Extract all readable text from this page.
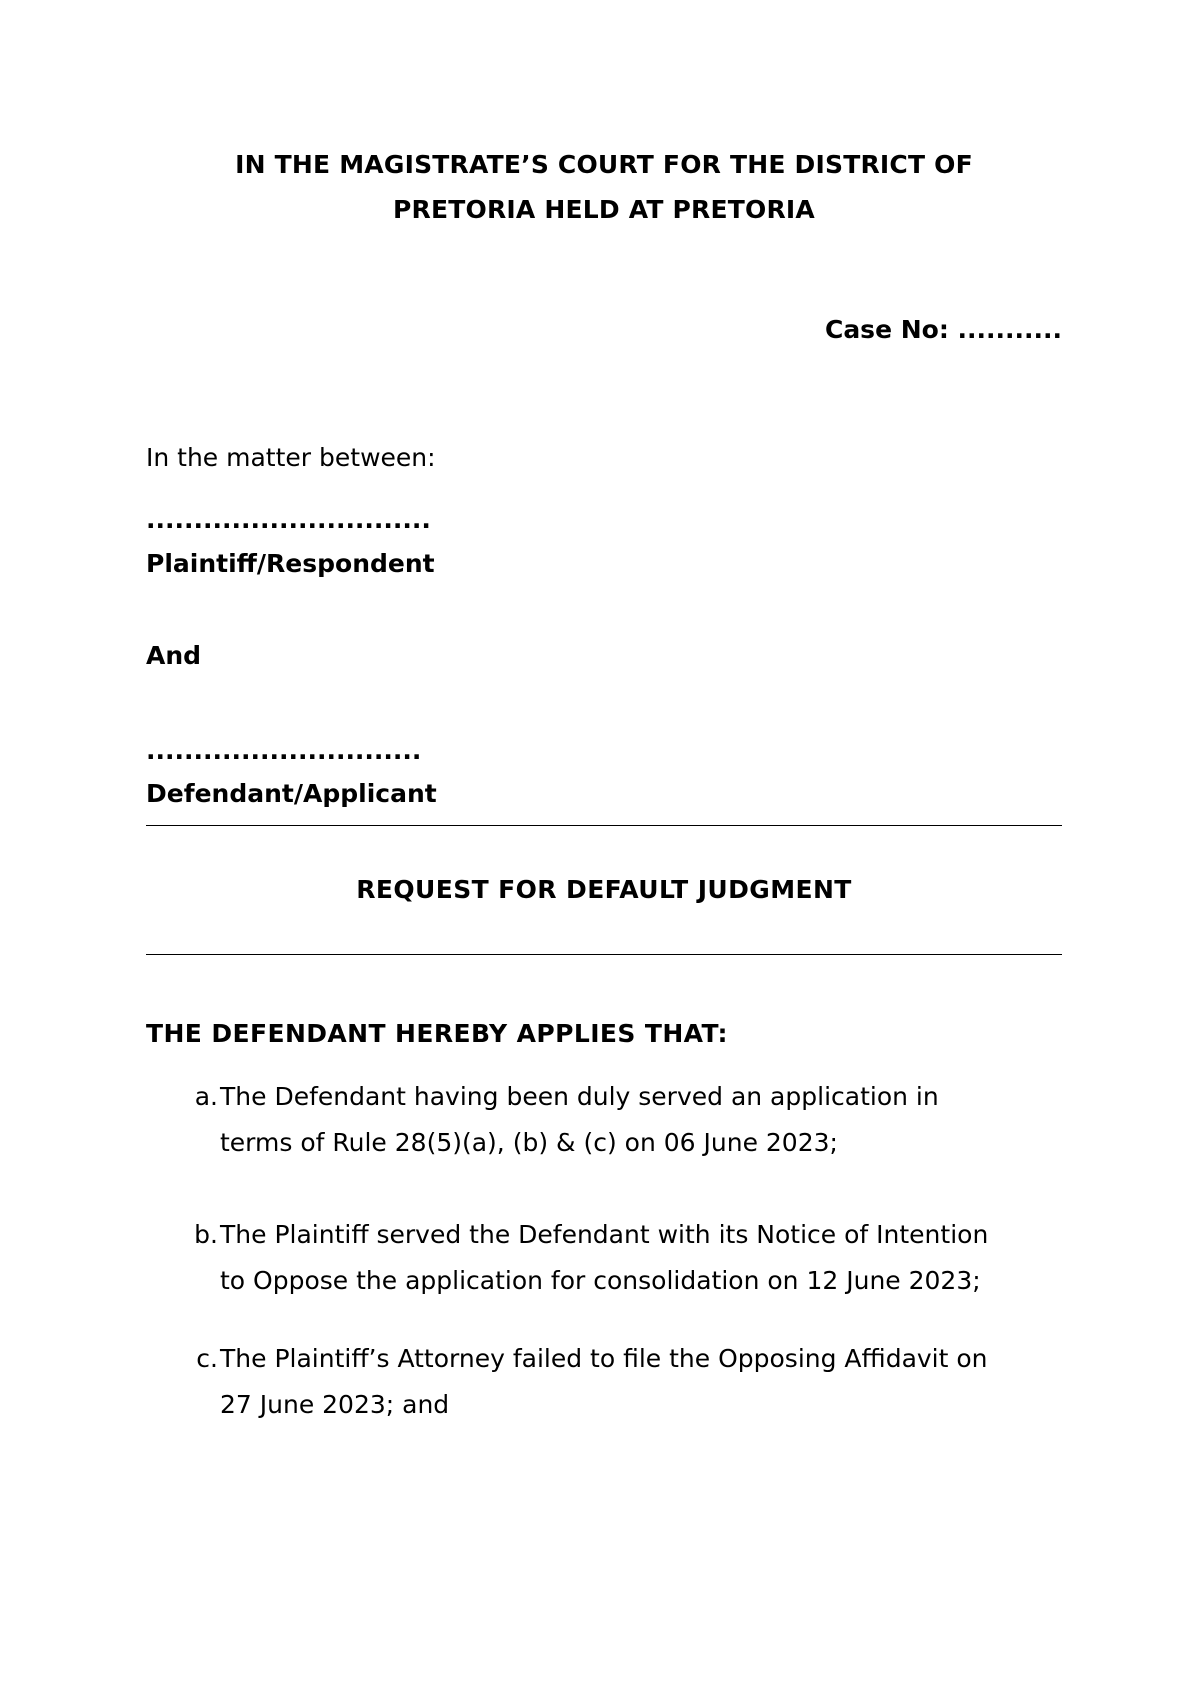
IN THE MAGISTRATE’S COURT FOR THE DISTRICT OF
PRETORIA HELD AT PRETORIA
Case No: ...........
In the matter between:
..............................
Plaintiff/Respondent
And
.............................
Defendant/Applicant
REQUEST FOR DEFAULT JUDGMENT
THE DEFENDANT HEREBY APPLIES THAT:
a. The Defendant having been duly served an application in
terms of Rule 28(5)(a), (b) & (c) on 06 June 2023;
b. The Plaintiff served the Defendant with its Notice of Intention
to Oppose the application for consolidation on 12 June 2023;
c. The Plaintiff’s Attorney failed to file the Opposing Affidavit on
27 June 2023; and
